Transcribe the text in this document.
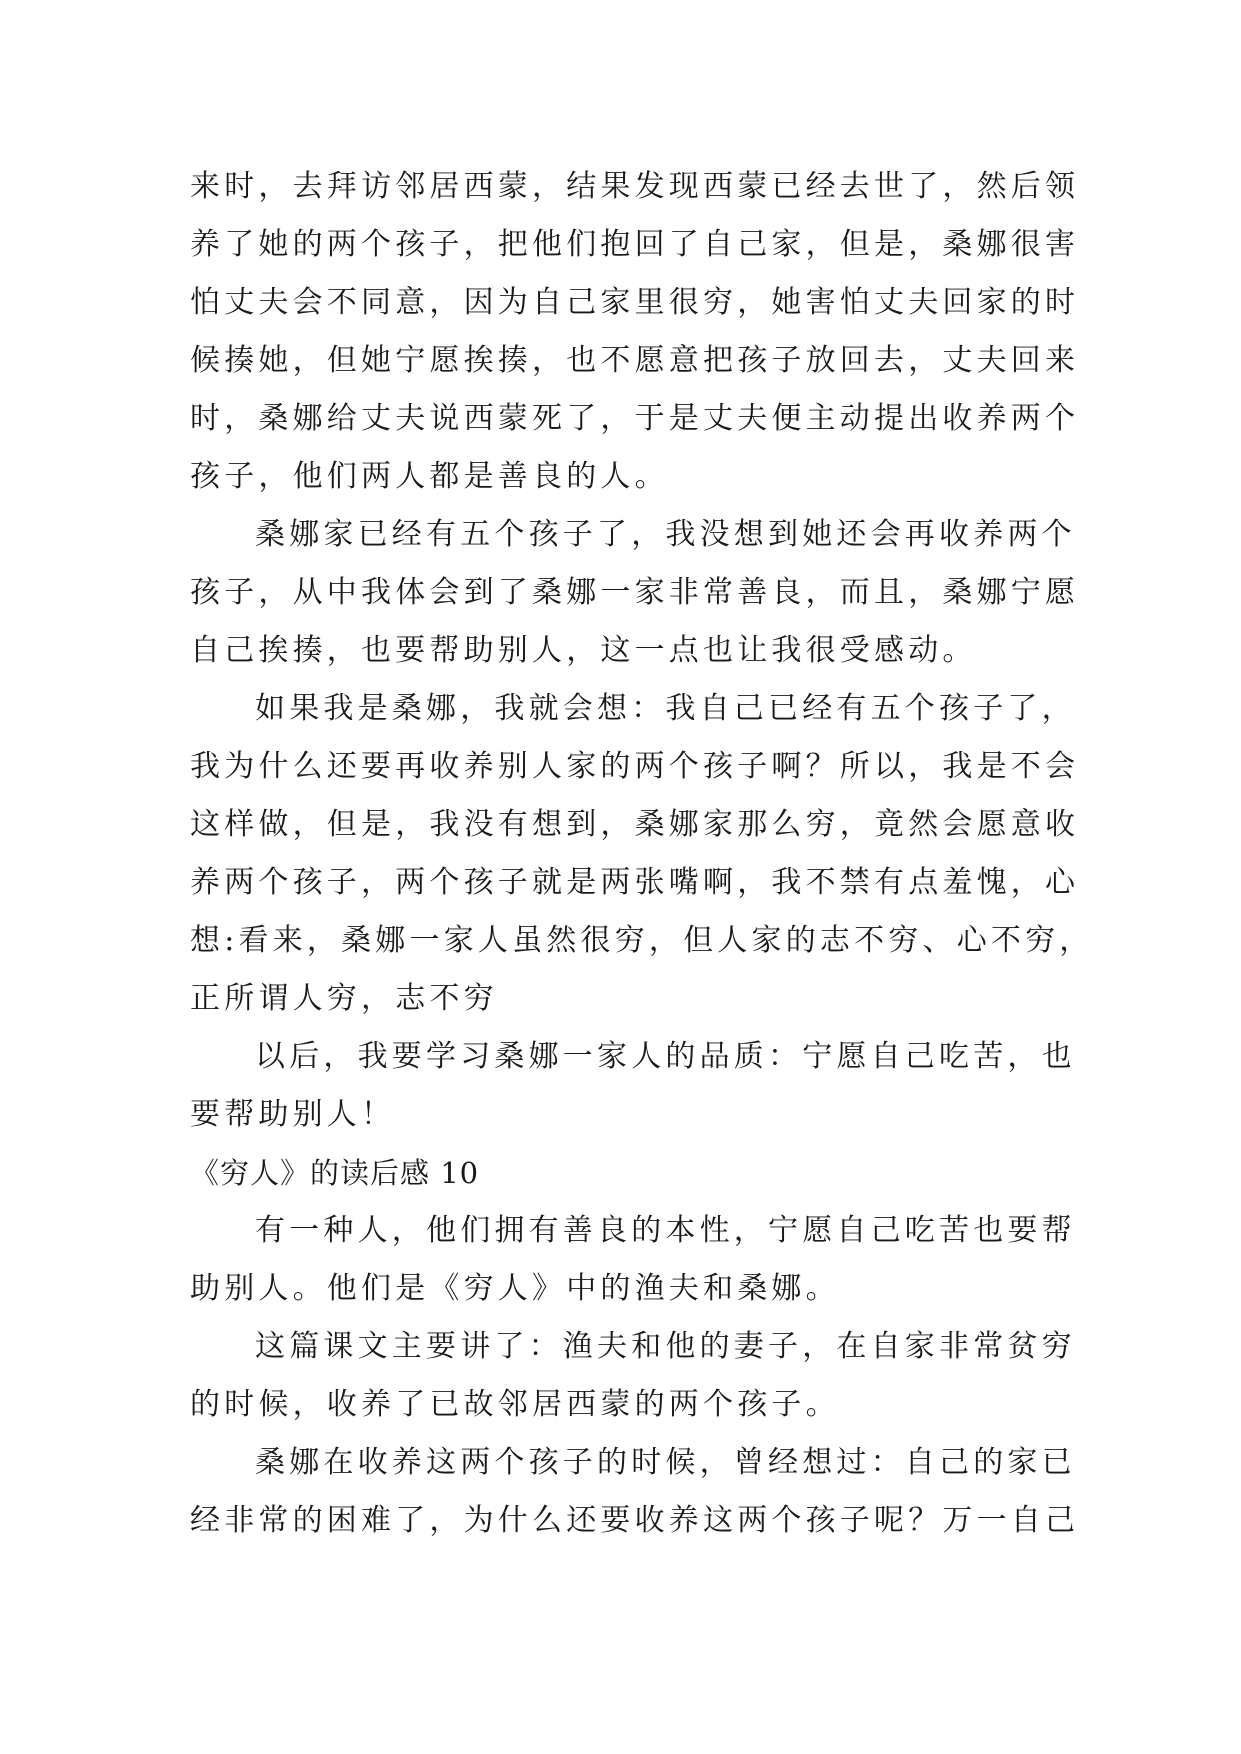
来时，去拜访邻居西蒙，结果发现西蒙已经去世了，然后领
养了她的两个孩子，把他们抱回了自己家，但是，桑娜很害
怕丈夫会不同意，因为自己家里很穷，她害怕丈夫回家的时
候揍她，但她宁愿挨揍，也不愿意把孩子放回去，丈夫回来
时，桑娜给丈夫说西蒙死了，于是丈夫便主动提出收养两个
孩子，他们两人都是善良的人。
桑娜家已经有五个孩子了，我没想到她还会再收养两个
孩子，从中我体会到了桑娜一家非常善良，而且，桑娜宁愿
自己挨揍，也要帮助别人，这一点也让我很受感动。
如果我是桑娜，我就会想：我自己已经有五个孩子了，
我为什么还要再收养别人家的两个孩子啊？所以，我是不会
这样做，但是，我没有想到，桑娜家那么穷，竟然会愿意收
养两个孩子，两个孩子就是两张嘴啊，我不禁有点羞愧，心
想:看来，桑娜一家人虽然很穷，但人家的志不穷、心不穷，
正所谓人穷，志不穷
以后，我要学习桑娜一家人的品质：宁愿自己吃苦，也
要帮助别人！
《穷人》的读后感 10
有一种人，他们拥有善良的本性，宁愿自己吃苦也要帮
助别人。他们是《穷人》中的渔夫和桑娜。
这篇课文主要讲了：渔夫和他的妻子，在自家非常贫穷
的时候，收养了已故邻居西蒙的两个孩子。
桑娜在收养这两个孩子的时候，曾经想过：自己的家已
经非常的困难了，为什么还要收养这两个孩子呢？万一自己
